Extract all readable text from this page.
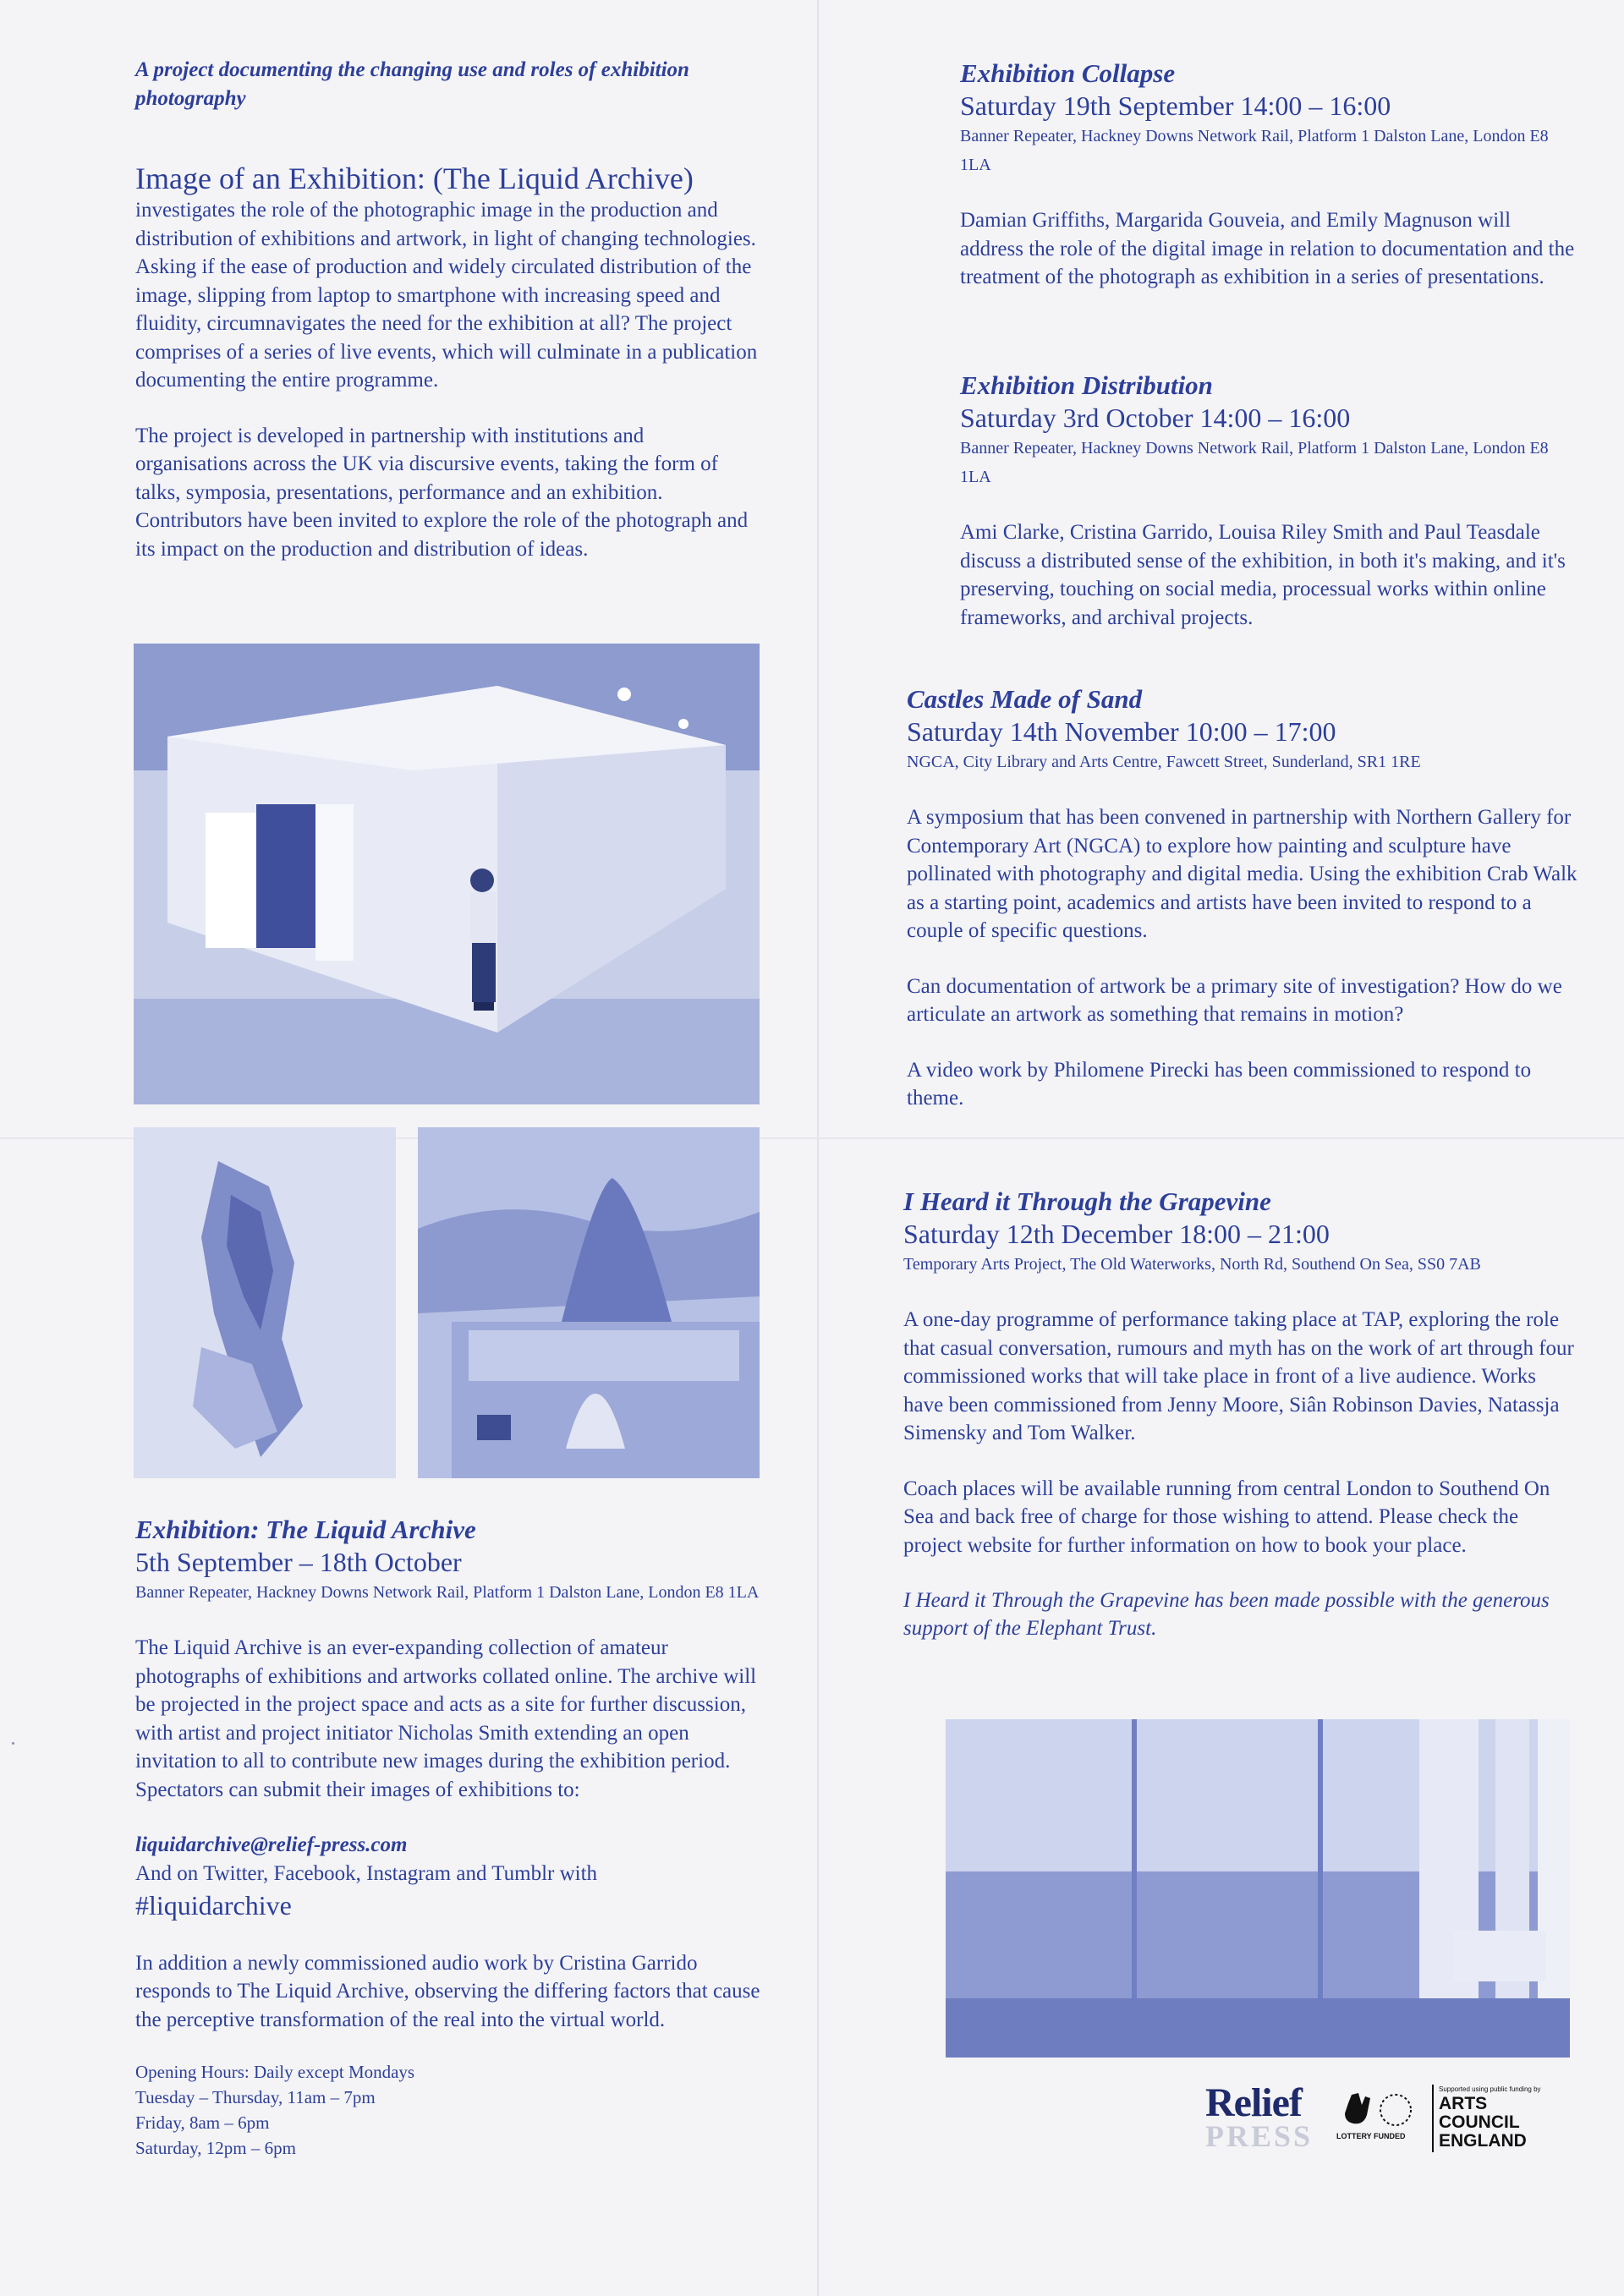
A project documenting the changing use and roles of exhibition photography
Image of an Exhibition: (The Liquid Archive)
investigates the role of the photographic image in the production and distribution of exhibitions and artwork, in light of changing technologies. Asking if the ease of production and widely circulated distribution of the image, slipping from laptop to smartphone with increasing speed and fluidity, circumnavigates the need for the exhibition at all? The project comprises of a series of live events, which will culminate in a publication documenting the entire programme.
The project is developed in partnership with institutions and organisations across the UK via discursive events, taking the form of talks, symposia, presentations, performance and an exhibition. Contributors have been invited to explore the role of the photograph and its impact on the production and distribution of ideas.
Exhibition: The Liquid Archive
5th September – 18th October
Banner Repeater, Hackney Downs Network Rail, Platform 1 Dalston Lane, London E8 1LA
The Liquid Archive is an ever-expanding collection of amateur photographs of exhibitions and artworks collated online. The archive will be projected in the project space and acts as a site for further discussion, with artist and project initiator Nicholas Smith extending an open invitation to all to contribute new images during the exhibition period. Spectators can submit their images of exhibitions to:
liquidarchive@relief-press.com
And on Twitter, Facebook, Instagram and Tumblr with
#liquidarchive
In addition a newly commissioned audio work by Cristina Garrido responds to The Liquid Archive, observing the differing factors that cause the perceptive transformation of the real into the virtual world.
Opening Hours: Daily except Mondays
Tuesday – Thursday, 11am – 7pm
Friday, 8am – 6pm
Saturday, 12pm – 6pm
Exhibition Collapse
Saturday 19th September 14:00 – 16:00
Banner Repeater, Hackney Downs Network Rail, Platform 1 Dalston Lane, London E8 1LA
Damian Griffiths, Margarida Gouveia, and Emily Magnuson will address the role of the digital image in relation to documentation and the treatment of the photograph as exhibition in a series of presentations.
Exhibition Distribution
Saturday 3rd October 14:00 – 16:00
Banner Repeater, Hackney Downs Network Rail, Platform 1 Dalston Lane, London E8 1LA
Ami Clarke, Cristina Garrido, Louisa Riley Smith and Paul Teasdale discuss a distributed sense of the exhibition, in both it's making, and it's preserving, touching on social media, processual works within online frameworks, and archival projects.
Castles Made of Sand
Saturday 14th November 10:00 – 17:00
NGCA, City Library and Arts Centre, Fawcett Street, Sunderland, SR1 1RE
A symposium that has been convened in partnership with Northern Gallery for Contemporary Art (NGCA) to explore how painting and sculpture have pollinated with photography and digital media. Using the exhibition Crab Walk as a starting point, academics and artists have been invited to respond to a couple of specific questions.
Can documentation of artwork be a primary site of investigation? How do we articulate an artwork as something that remains in motion?
A video work by Philomene Pirecki has been commissioned to respond to theme.
I Heard it Through the Grapevine
Saturday 12th December 18:00 – 21:00
Temporary Arts Project, The Old Waterworks, North Rd, Southend On Sea, SS0 7AB
A one-day programme of performance taking place at TAP, exploring the role that casual conversation, rumours and myth has on the work of art through four commissioned works that will take place in front of a live audience. Works have been commissioned from Jenny Moore, Siân Robinson Davies, Natassja Simensky and Tom Walker.
Coach places will be available running from central London to Southend On Sea and back free of charge for those wishing to attend. Please check the project website for further information on how to book your place.
I Heard it Through the Grapevine has been made possible with the generous support of the Elephant Trust.
Relief
PRESS	LOTTERY FUNDED
Supported using public funding by
ARTS COUNCIL
ENGLAND
